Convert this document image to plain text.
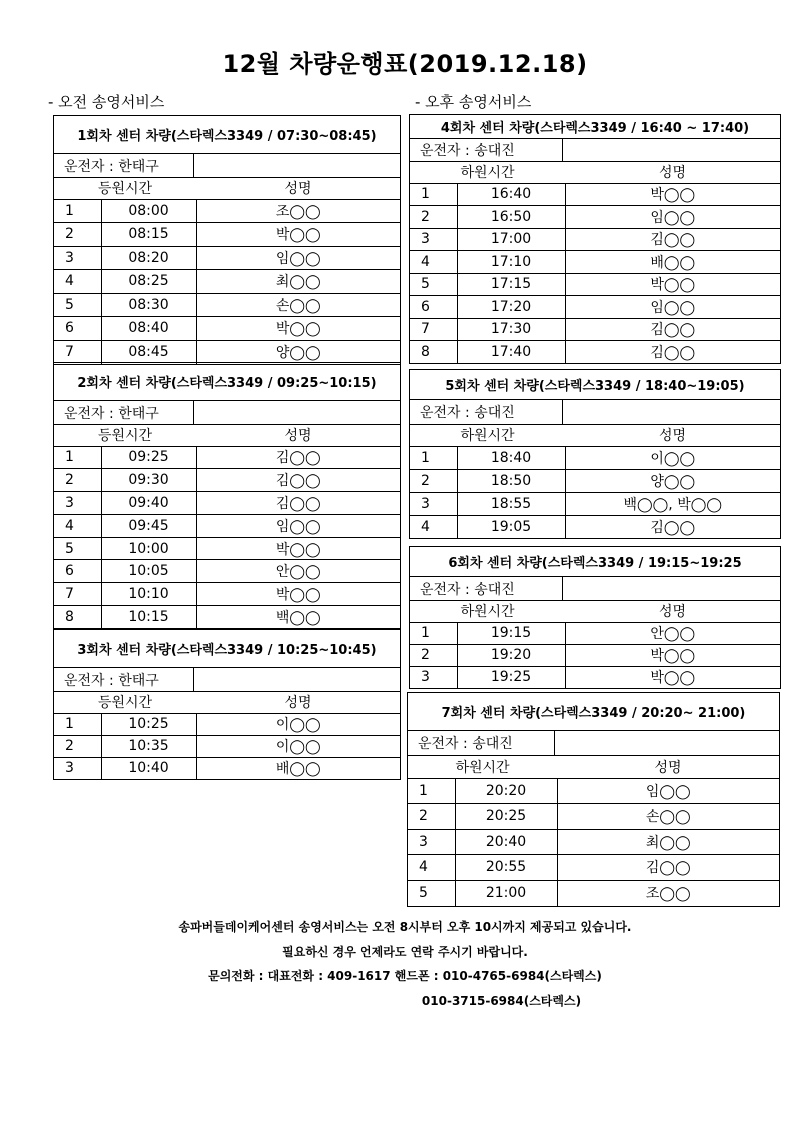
12월 차량운행표(2019.12.18)
- 오전 송영서비스	- 오후 송영서비스
1회차 센터 차량(스타렉스3349 / 07:30~08:45)
운전자 : 한태구
등원시간		성명
1	08:00	조◯◯
2	08:15	박◯◯
3	08:20	임◯◯
4	08:25	최◯◯
5	08:30	손◯◯
6	08:40	박◯◯
7	08:45	양◯◯
2회차 센터 차량(스타렉스3349 / 09:25~10:15)
운전자 : 한태구
등원시간		성명
1	09:25	김◯◯
2	09:30	김◯◯
3	09:40	김◯◯
4	09:45	임◯◯
5	10:00	박◯◯
6	10:05	안◯◯
7	10:10	박◯◯
8	10:15	백◯◯
3회차 센터 차량(스타렉스3349 / 10:25~10:45)
운전자 : 한태구
등원시간		성명
1	10:25	이◯◯
2	10:35	이◯◯
3	10:40	배◯◯
4회차 센터 차량(스타렉스3349 / 16:40 ~ 17:40)
운전자 : 송대진
하원시간		성명
1	16:40	박◯◯
2	16:50	임◯◯
3	17:00	김◯◯
4	17:10	배◯◯
5	17:15	박◯◯
6	17:20	임◯◯
7	17:30	김◯◯
8	17:40	김◯◯
5회차 센터 차량(스타렉스3349 / 18:40~19:05)
운전자 : 송대진
하원시간		성명
1	18:40	이◯◯
2	18:50	양◯◯
3	18:55	백◯◯, 박◯◯
4	19:05	김◯◯
6회차 센터 차량(스타렉스3349 / 19:15~19:25
운전자 : 송대진
하원시간		성명
1	19:15	안◯◯
2	19:20	박◯◯
3	19:25	박◯◯
7회차 센터 차량(스타렉스3349 / 20:20~ 21:00)
운전자 : 송대진
하원시간		성명
1	20:20	임◯◯
2	20:25	손◯◯
3	20:40	최◯◯
4	20:55	김◯◯
5	21:00	조◯◯
송파버들데이케어센터 송영서비스는 오전 8시부터 오후 10시까지 제공되고 있습니다.
필요하신 경우 언제라도 연락 주시기 바랍니다.
문의전화 : 대표전화 : 409-1617 핸드폰 : 010-4765-6984(스타렉스)
010-3715-6984(스타렉스)
